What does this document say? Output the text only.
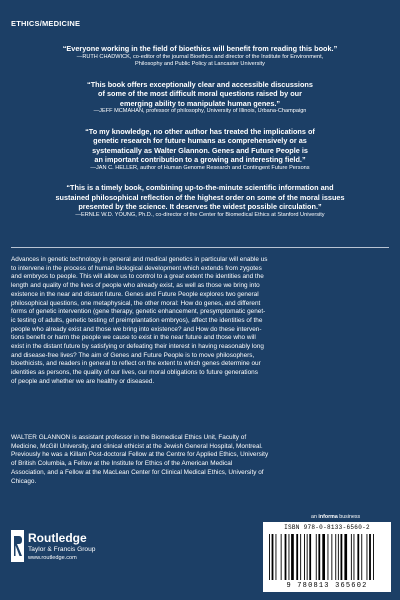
ETHICS/MEDICINE
“Everyone working in the field of bioethics will benefit from reading this book.”
—RUTH CHADWICK, co-editor of the journal Bioethics and director of the Institute for Environment,
Philosophy and Public Policy at Lancaster University
“This book offers exceptionally clear and accessible discussions
of some of the most difficult moral questions raised by our
emerging ability to manipulate human genes.”
—JEFF MCMAHAN, professor of philosophy, University of Illinois, Urbana-Champaign
“To my knowledge, no other author has treated the implications of
genetic research for future humans as comprehensively or as
systematically as Walter Glannon. Genes and Future People is
an important contribution to a growing and interesting field.”
—JAN C. HELLER, author of Human Genome Research and Contingent Future Persons
“This is a timely book, combining up-to-the-minute scientific information and
sustained philosophical reflection of the highest order on some of the moral issues
presented by the science. It deserves the widest possible circulation.”
—ERNLE W.D. YOUNG, Ph.D., co-director of the Center for Biomedical Ethics at Stanford University
Advances in genetic technology in general and medical genetics in particular will enable us
to intervene in the process of human biological development which extends from zygotes
and embryos to people. This will allow us to control to a great extent the identities and the
length and quality of the lives of people who already exist, as well as those we bring into
existence in the near and distant future. Genes and Future People explores two general
philosophical questions, one metaphysical, the other moral: How do genes, and different
forms of genetic intervention (gene therapy, genetic enhancement, presymptomatic genet-
ic testing of adults, genetic testing of preimplantation embryos), affect the identities of the
people who already exist and those we bring into existence? and How do these interven-
tions benefit or harm the people we cause to exist in the near future and those who will
exist in the distant future by satisfying or defeating their interest in having reasonably long
and disease-free lives? The aim of Genes and Future People is to move philosophers,
bioethicists, and readers in general to reflect on the extent to which genes determine our
identities as persons, the quality of our lives, our moral obligations to future generations
of people and whether we are healthy or diseased.
WALTER GLANNON is assistant professor in the Biomedical Ethics Unit, Faculty of
Medicine, McGill University, and clinical ethicist at the Jewish General Hospital, Montreal.
Previously he was a Killam Post-doctoral Fellow at the Centre for Applied Ethics, University
of British Columbia, a Fellow at the Institute for Ethics of the American Medical
Association, and a Fellow at the MacLean Center for Clinical Medical Ethics, University of
Chicago.
Routledge
Taylor & Francis Group
www.routledge.com
an informa business
ISBN 978-0-8133-6560-2
9 780813 365602
